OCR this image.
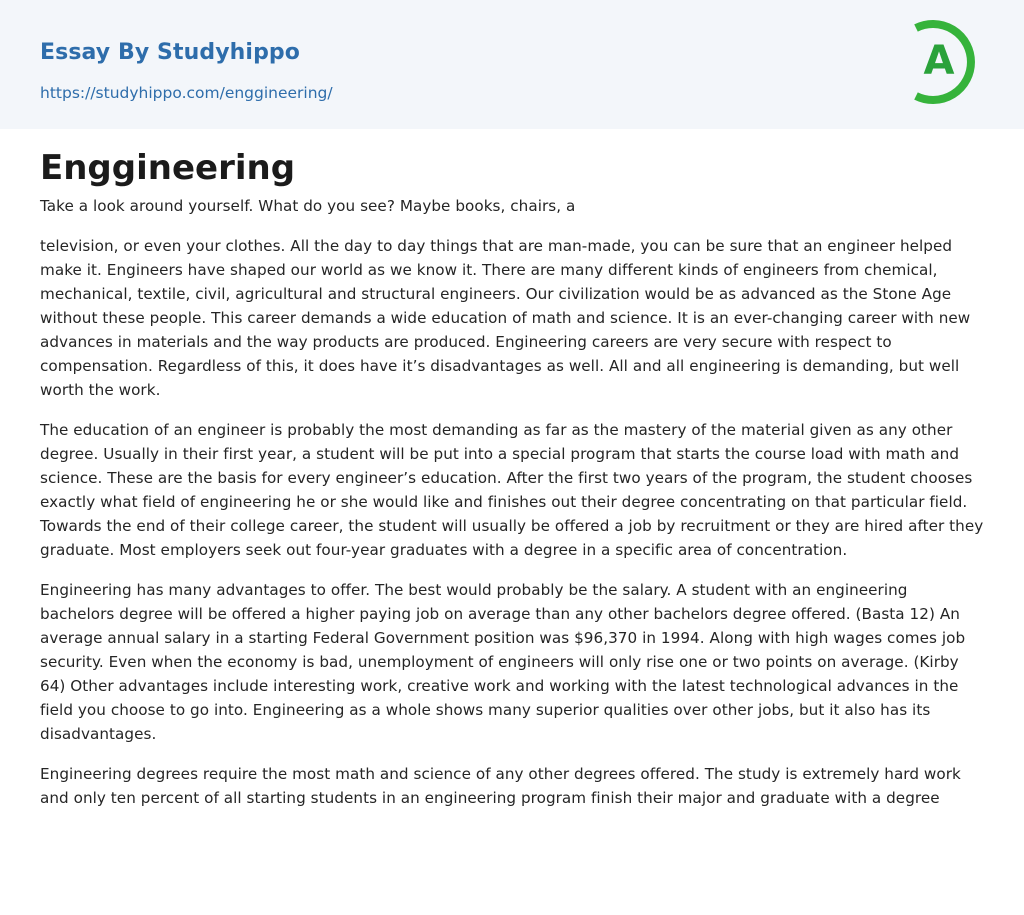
Essay By Studyhippo
https://studyhippo.com/enggineering/
A
Enggineering

Take a look around yourself. What do you see? Maybe books, chairs, a

television, or even your clothes. All the day to day things that are man-made, you can be sure that an engineer helped make it. Engineers have shaped our world as we know it. There are many different kinds of engineers from chemical, mechanical, textile, civil, agricultural and structural engineers. Our civilization would be as advanced as the Stone Age without these people. This career demands a wide education of math and science. It is an ever-changing career with new advances in materials and the way products are produced. Engineering careers are very secure with respect to compensation. Regardless of this, it does have it’s disadvantages as well. All and all engineering is demanding, but well worth the work.

The education of an engineer is probably the most demanding as far as the mastery of the material given as any other degree. Usually in their first year, a student will be put into a special program that starts the course load with math and science. These are the basis for every engineer’s education. After the first two years of the program, the student chooses exactly what field of engineering he or she would like and finishes out their degree concentrating on that particular field. Towards the end of their college career, the student will usually be offered a job by recruitment or they are hired after they graduate. Most employers seek out four-year graduates with a degree in a specific area of concentration.

Engineering has many advantages to offer. The best would probably be the salary. A student with an engineering bachelors degree will be offered a higher paying job on average than any other bachelors degree offered. (Basta 12) An average annual salary in a starting Federal Government position was $96,370 in 1994. Along with high wages comes job security. Even when the economy is bad, unemployment of engineers will only rise one or two points on average. (Kirby 64) Other advantages include interesting work, creative work and working with the latest technological advances in the field you choose to go into. Engineering as a whole shows many superior qualities over other jobs, but it also has its disadvantages.

Engineering degrees require the most math and science of any other degrees offered. The study is extremely hard work and only ten percent of all starting students in an engineering program finish their major and graduate with a degree
